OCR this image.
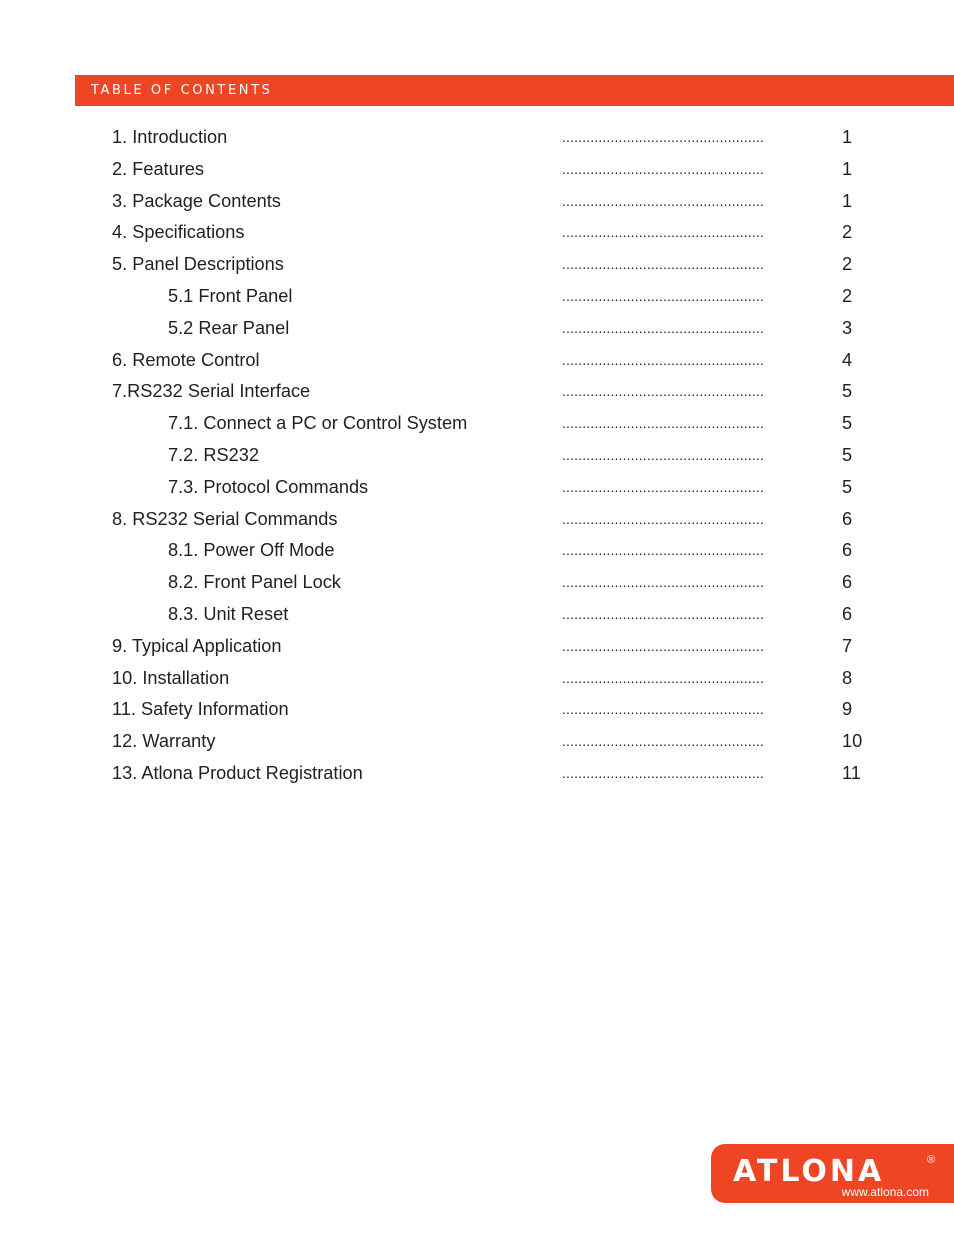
TABLE OF CONTENTS
1. Introduction	..................................................	1
2. Features	..................................................	1
3. Package Contents	..................................................	1
4. Specifications	..................................................	2
5. Panel Descriptions	..................................................	2
5.1 Front Panel	..................................................	2
5.2 Rear Panel	..................................................	3
6. Remote Control	..................................................	4
7.RS232 Serial Interface	..................................................	5
7.1. Connect a PC or Control System	..................................................	5
7.2. RS232	..................................................	5
7.3. Protocol Commands	..................................................	5
8. RS232 Serial Commands	..................................................	6
8.1. Power Off Mode	..................................................	6
8.2. Front Panel Lock	..................................................	6
8.3. Unit Reset	..................................................	6
9. Typical Application	..................................................	7
10. Installation	..................................................	8
11. Safety Information	..................................................	9
12. Warranty	..................................................	10
13. Atlona Product Registration	..................................................	11
ATLONA	®
www.atlona.com
